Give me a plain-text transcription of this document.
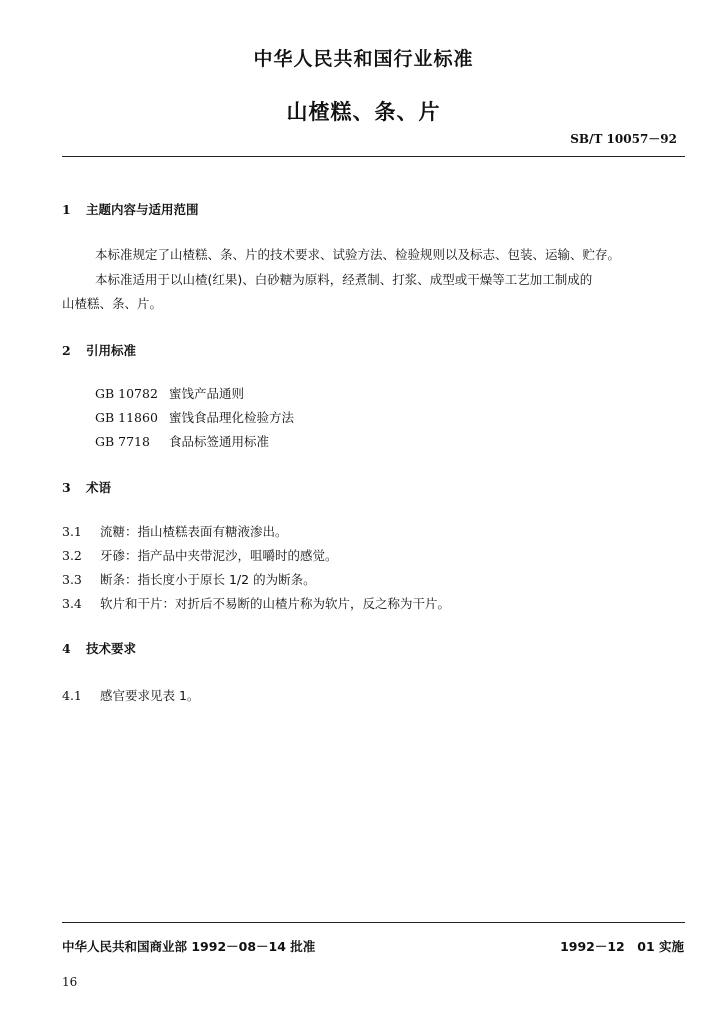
中华人民共和国行业标准
山楂糕、条、片
SB/T 10057－92
1 主题内容与适用范围
本标准规定了山楂糕、条、片的技术要求、试验方法、检验规则以及标志、包装、运输、贮存。
本标准适用于以山楂(红果)、白砂糖为原料，经煮制、打浆、成型或干燥等工艺加工制成的
山楂糕、条、片。
2 引用标准
GB 10782 蜜饯产品通则
GB 11860 蜜饯食品理化检验方法
GB 7718 食品标签通用标准
3 术语
3.1 流糖：指山楂糕表面有糖液渗出。
3.2 牙碜：指产品中夹带泥沙，咀嚼时的感觉。
3.3 断条：指长度小于原长 1/2 的为断条。
3.4 软片和干片：对折后不易断的山楂片称为软片，反之称为干片。
4 技术要求
4.1 感官要求见表 1。
中华人民共和国商业部 1992－08－14 批准	1992－12　01 实施
16
